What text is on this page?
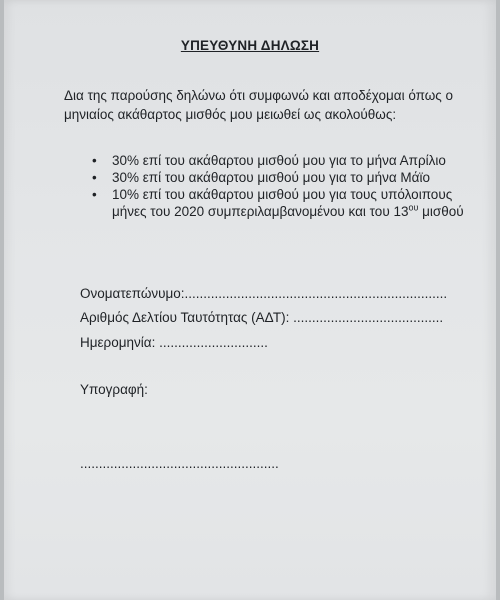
ΥΠΕΥΘΥΝΗ ΔΗΛΩΣΗ
Δια της παρούσης δηλώνω ότι συμφωνώ και αποδέχομαι όπως ο μηνιαίος ακάθαρτος μισθός μου μειωθεί ως ακολούθως:
• 30% επί του ακάθαρτου μισθού μου για το μήνα Απρίλιο
• 30% επί του ακάθαρτου μισθού μου για το μήνα Μάϊο
• 10% επί του ακάθαρτου μισθού μου για τους υπόλοιπους μήνες του 2020 συμπεριλαμβανομένου και του $13^{o\upsilon}$ μισθού
Ονοματεπώνυμο:......................................................................
Αριθμός Δελτίου Ταυτότητας (ΑΔΤ): ........................................
Ημερομηνία: .............................
Υπογραφή:
.....................................................
